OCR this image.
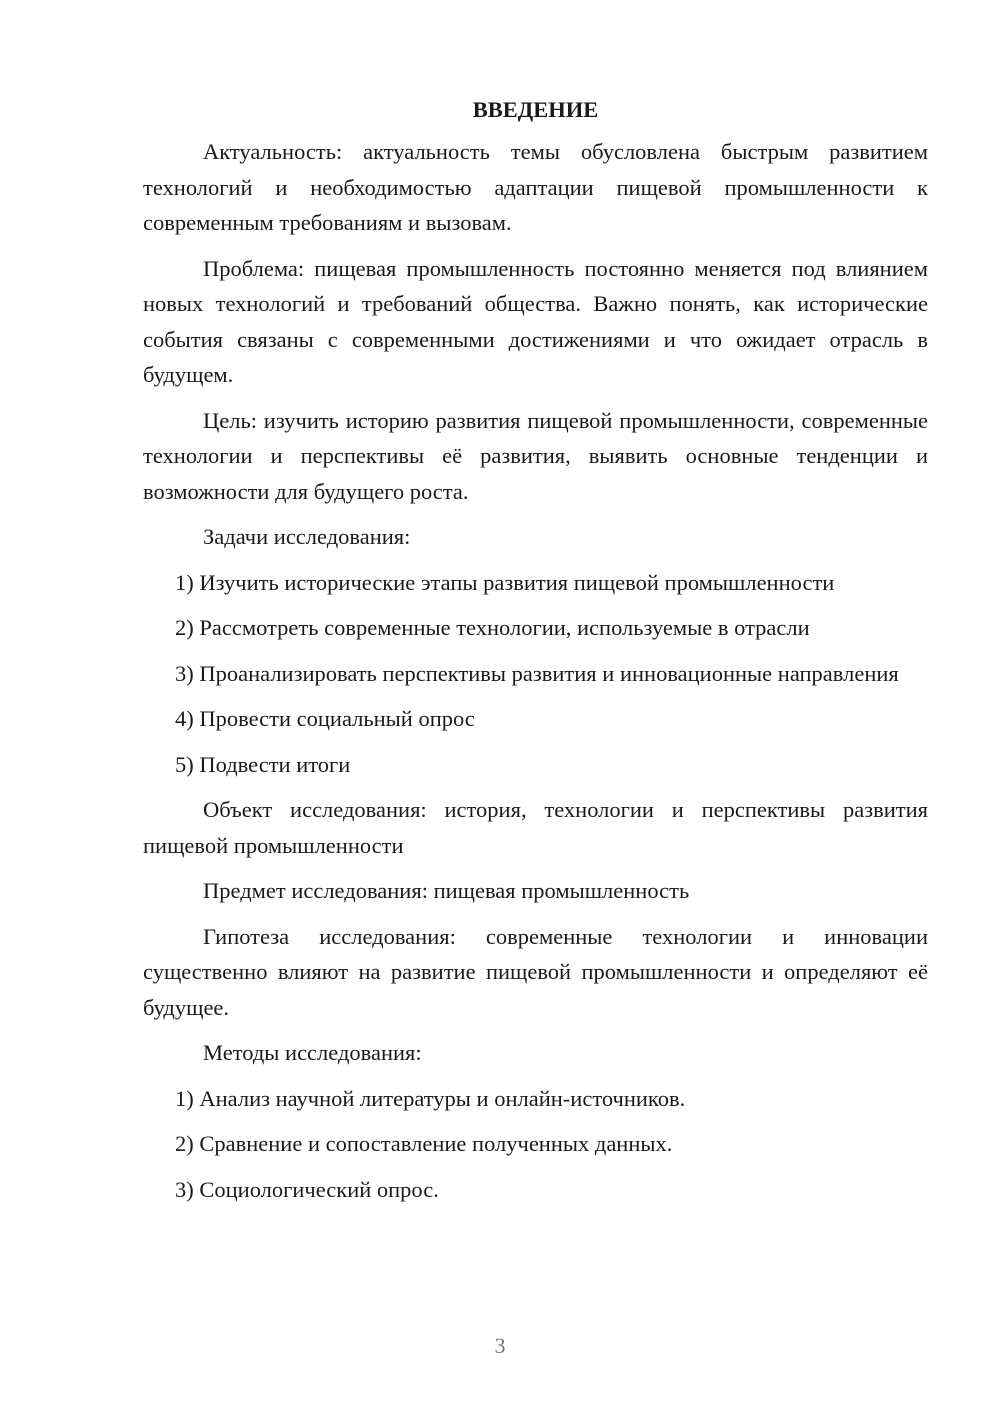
ВВЕДЕНИЕ
Актуальность: актуальность темы обусловлена быстрым развитием технологий и необходимостью адаптации пищевой промышленности к современным требованиям и вызовам.
Проблема: пищевая промышленность постоянно меняется под влиянием новых технологий и требований общества. Важно понять, как исторические события связаны с современными достижениями и что ожидает отрасль в будущем.
Цель: изучить историю развития пищевой промышленности, современные технологии и перспективы её развития, выявить основные тенденции и возможности для будущего роста.
Задачи исследования:
1) Изучить исторические этапы развития пищевой промышленности
2) Рассмотреть современные технологии, используемые в отрасли
3) Проанализировать перспективы развития и инновационные направления
4) Провести социальный опрос
5) Подвести итоги
Объект исследования: история, технологии и перспективы развития пищевой промышленности
Предмет исследования: пищевая промышленность
Гипотеза исследования: современные технологии и инновации существенно влияют на развитие пищевой промышленности и определяют её будущее.
Методы исследования:
1) Анализ научной литературы и онлайн-источников.
2) Сравнение и сопоставление полученных данных.
3) Социологический опрос.
3
